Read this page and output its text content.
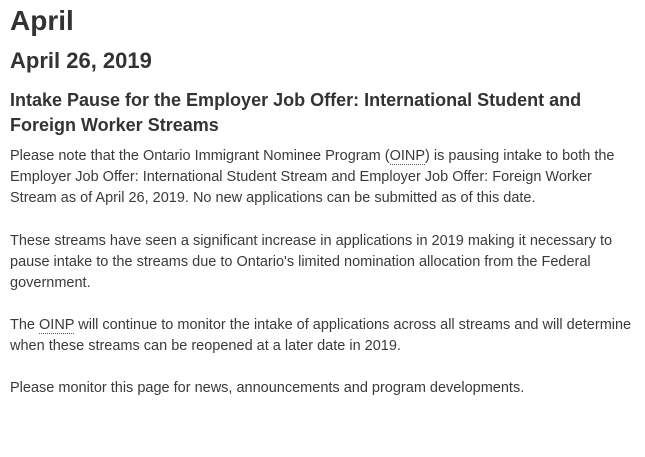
April
April 26, 2019
Intake Pause for the Employer Job Offer: International Student and Foreign Worker Streams

Please note that the Ontario Immigrant Nominee Program (OINP) is pausing intake to both the Employer Job Offer: International Student Stream and Employer Job Offer: Foreign Worker Stream as of April 26, 2019. No new applications can be submitted as of this date.

These streams have seen a significant increase in applications in 2019 making it necessary to pause intake to the streams due to Ontario's limited nomination allocation from the Federal government.

The OINP will continue to monitor the intake of applications across all streams and will determine when these streams can be reopened at a later date in 2019.

Please monitor this page for news, announcements and program developments.
